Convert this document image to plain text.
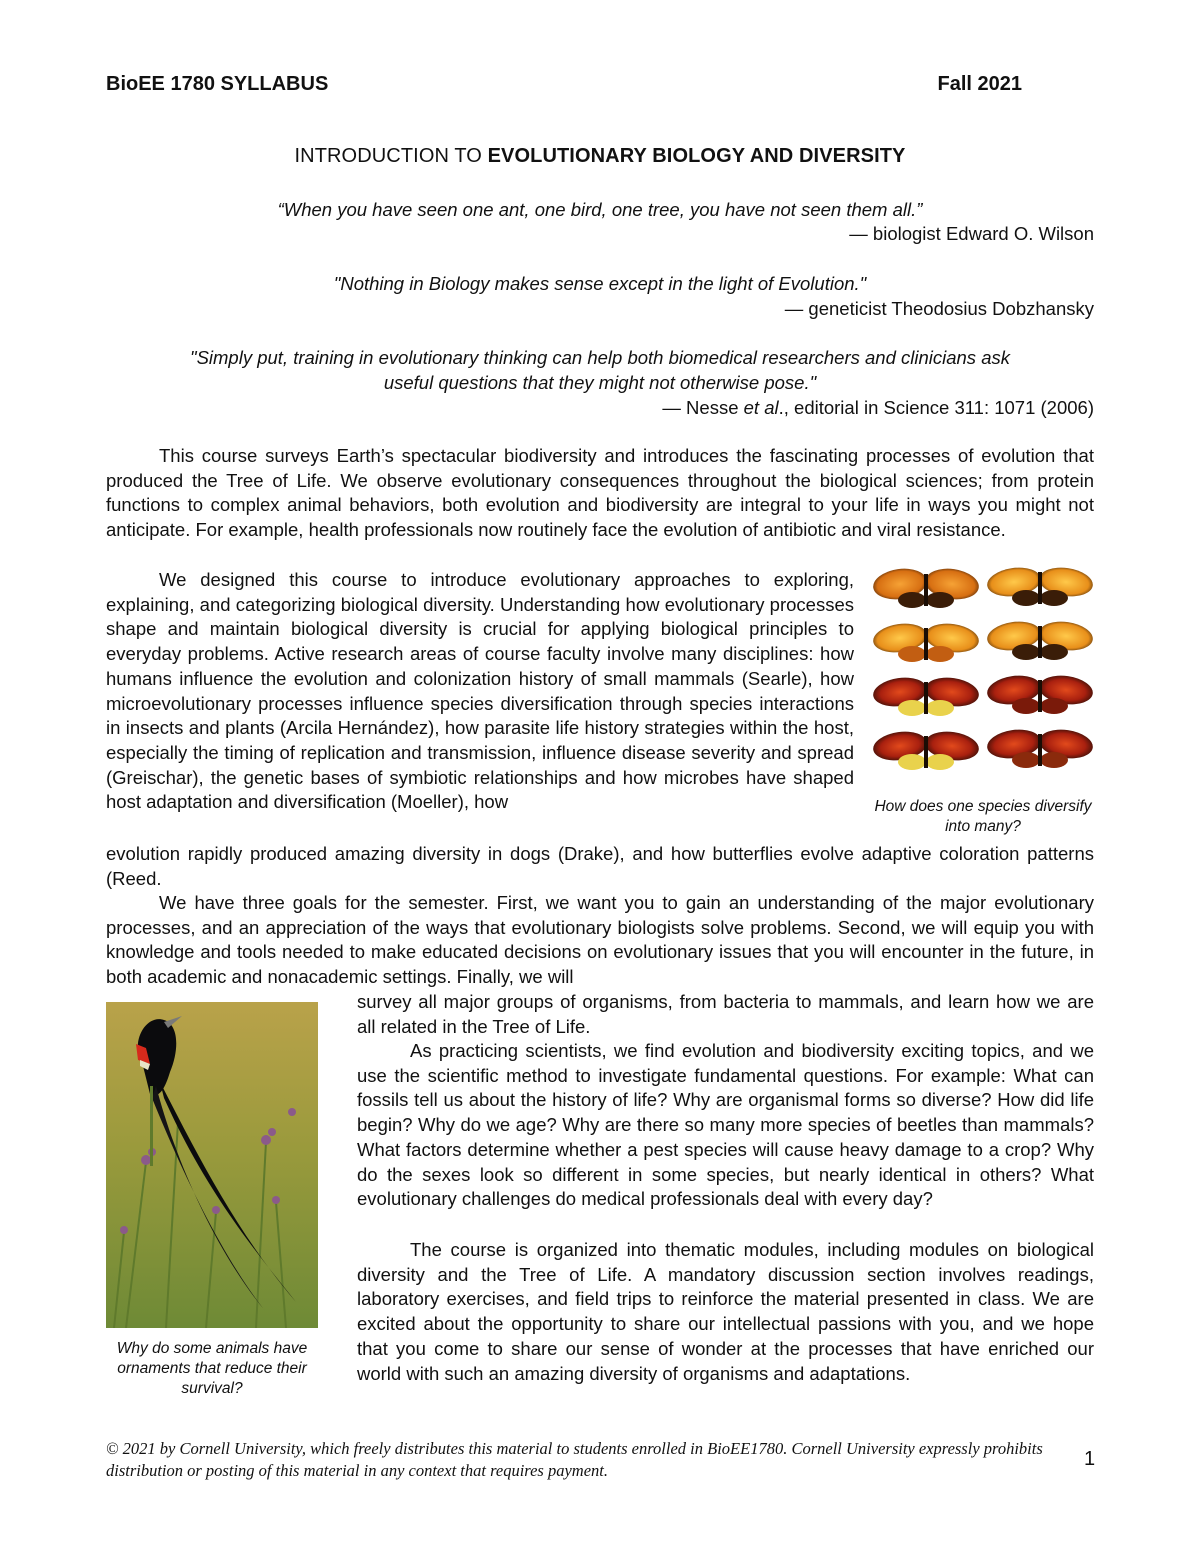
BioEE 1780 SYLLABUS	Fall 2021
INTRODUCTION TO EVOLUTIONARY BIOLOGY AND DIVERSITY
“When you have seen one ant, one bird, one tree, you have not seen them all.”
— biologist Edward O. Wilson
"Nothing in Biology makes sense except in the light of Evolution."
— geneticist Theodosius Dobzhansky
"Simply put, training in evolutionary thinking can help both biomedical researchers and clinicians ask
useful questions that they might not otherwise pose."
— Nesse et al., editorial in Science 311: 1071 (2006)

This course surveys Earth’s spectacular biodiversity and introduces the fascinating processes of evolution that produced the Tree of Life. We observe evolutionary consequences throughout the biological sciences; from protein functions to complex animal behaviors, both evolution and biodiversity are integral to your life in ways you might not anticipate. For example, health professionals now routinely face the evolution of antibiotic and viral resistance.

We designed this course to introduce evolutionary approaches to exploring, explaining, and categorizing biological diversity. Understanding how evolutionary processes shape and maintain biological diversity is crucial for applying biological principles to everyday problems. Active research areas of course faculty involve many disciplines: how humans influence the evolution and colonization history of small mammals (Searle), how microevolutionary processes influence species diversification through species interactions in insects and plants (Arcila Hernández), how parasite life history strategies within the host, especially the timing of replication and transmission, influence disease severity and spread (Greischar), the genetic bases of symbiotic relationships and how microbes have shaped host adaptation and diversification (Moeller), how

evolution rapidly produced amazing diversity in dogs (Drake), and how butterflies evolve adaptive coloration patterns (Reed.

How does one species diversify into many?

We have three goals for the semester. First, we want you to gain an understanding of the major evolutionary processes, and an appreciation of the ways that evolutionary biologists solve problems. Second, we will equip you with knowledge and tools needed to make educated decisions on evolutionary issues that you will encounter in the future, in both academic and nonacademic settings. Finally, we will

survey all major groups of organisms, from bacteria to mammals, and learn how we are all related in the Tree of Life.

Why do some animals have ornaments that reduce their survival?

As practicing scientists, we find evolution and biodiversity exciting topics, and we use the scientific method to investigate fundamental questions. For example: What can fossils tell us about the history of life? Why are organismal forms so diverse? How did life begin? Why do we age? Why are there so many more species of beetles than mammals? What factors determine whether a pest species will cause heavy damage to a crop? Why do the sexes look so different in some species, but nearly identical in others? What evolutionary challenges do medical professionals deal with every day?

The course is organized into thematic modules, including modules on biological diversity and the Tree of Life. A mandatory discussion section involves readings, laboratory exercises, and field trips to reinforce the material presented in class. We are excited about the opportunity to share our intellectual passions with you, and we hope that you come to share our sense of wonder at the processes that have enriched our world with such an amazing diversity of organisms and adaptations.

© 2021 by Cornell University, which freely distributes this material to students enrolled in BioEE1780. Cornell University expressly prohibits distribution or posting of this material in any context that requires payment.
1
